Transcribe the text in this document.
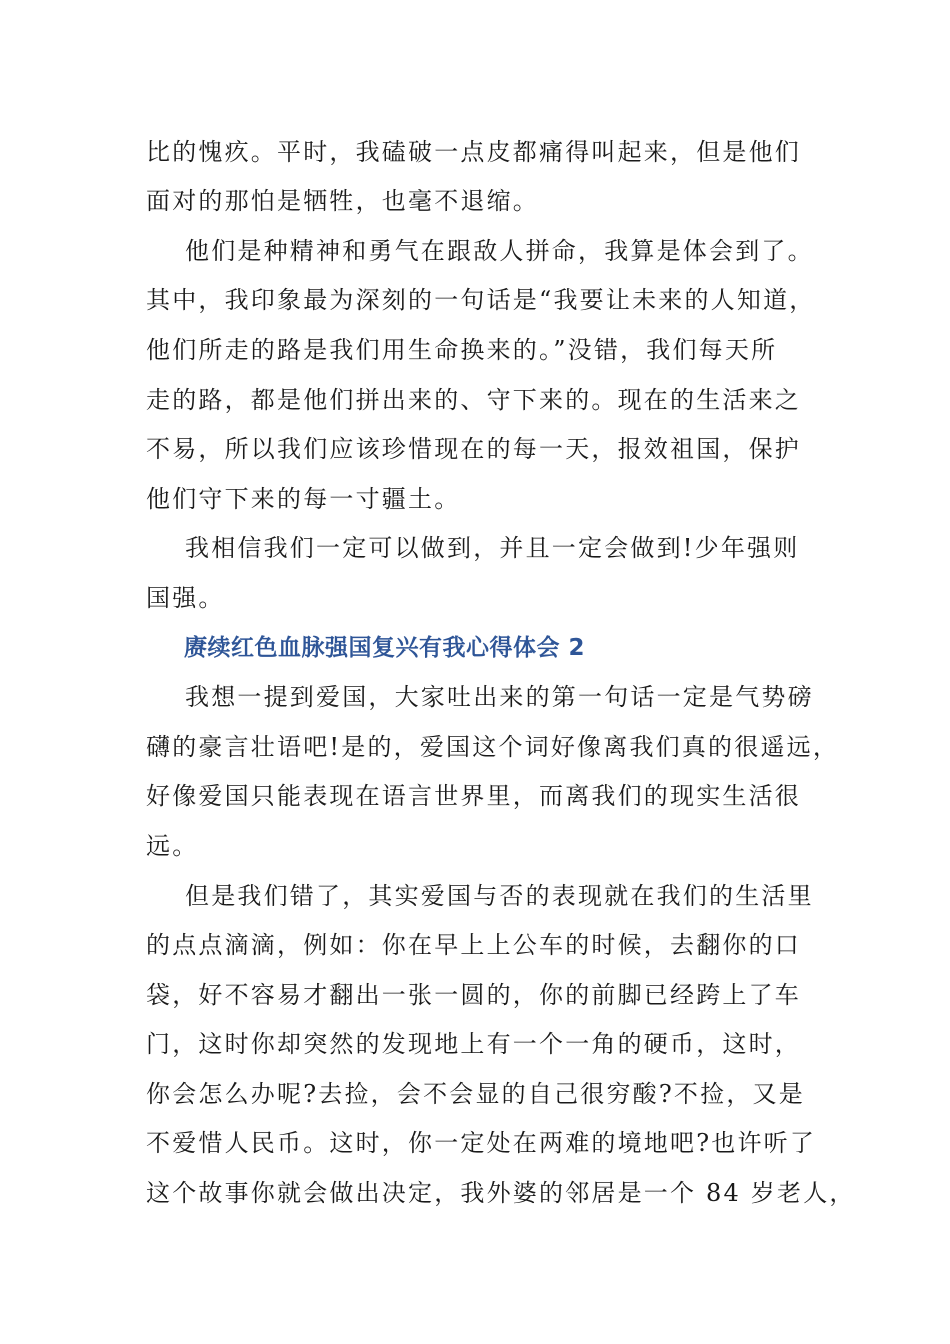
比的愧疚。平时，我磕破一点皮都痛得叫起来，但是他们
面对的那怕是牺牲，也毫不退缩。
他们是种精神和勇气在跟敌人拼命，我算是体会到了。
其中，我印象最为深刻的一句话是“我要让未来的人知道，
他们所走的路是我们用生命换来的。”没错，我们每天所
走的路，都是他们拼出来的、守下来的。现在的生活来之
不易，所以我们应该珍惜现在的每一天，报效祖国，保护
他们守下来的每一寸疆土。
我相信我们一定可以做到，并且一定会做到!少年强则
国强。
赓续红色血脉强国复兴有我心得体会 2
我想一提到爱国，大家吐出来的第一句话一定是气势磅
礴的豪言壮语吧!是的，爱国这个词好像离我们真的很遥远，
好像爱国只能表现在语言世界里，而离我们的现实生活很
远。
但是我们错了，其实爱国与否的表现就在我们的生活里
的点点滴滴，例如：你在早上上公车的时候，去翻你的口
袋，好不容易才翻出一张一圆的，你的前脚已经跨上了车
门，这时你却突然的发现地上有一个一角的硬币，这时，
你会怎么办呢?去捡，会不会显的自己很穷酸?不捡，又是
不爱惜人民币。这时，你一定处在两难的境地吧?也许听了
这个故事你就会做出决定，我外婆的邻居是一个 84 岁老人，
